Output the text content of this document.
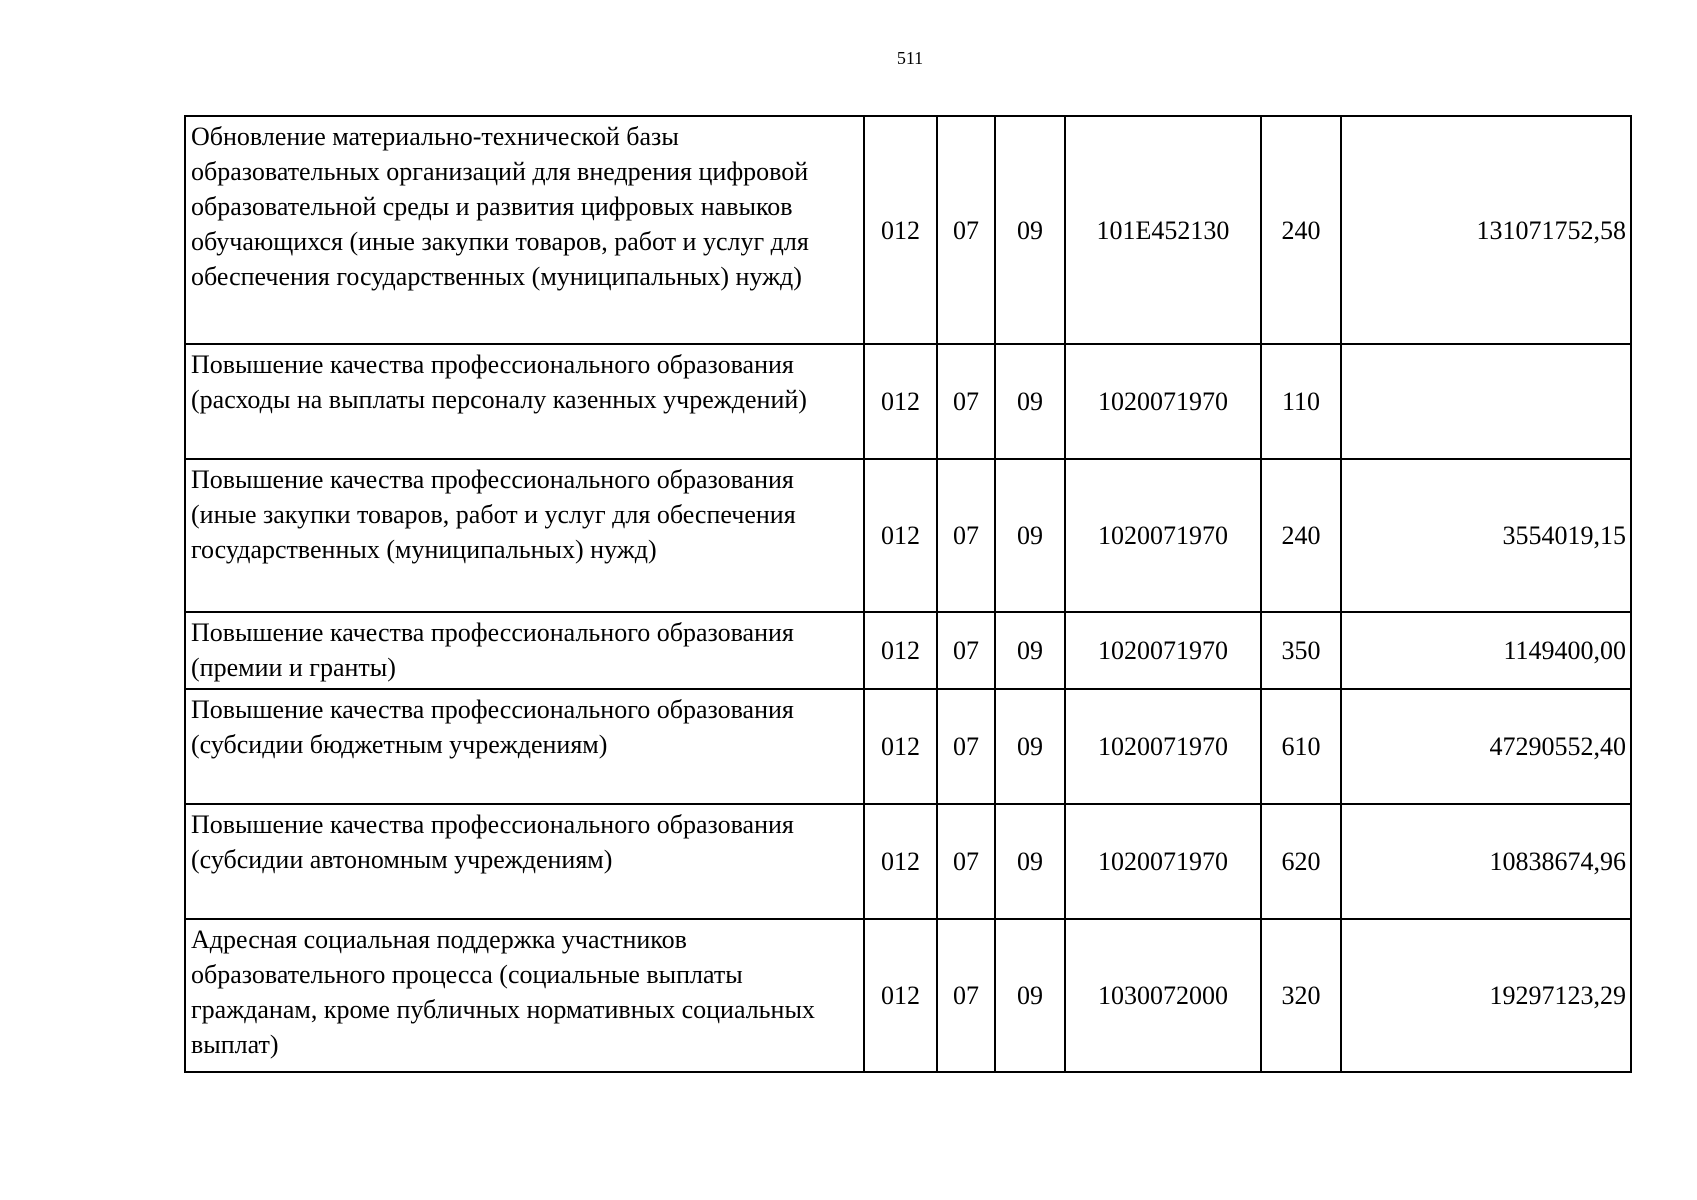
511
Обновление материально-технической базы образовательных организаций для внедрения цифровой образовательной среды и развития цифровых навыков обучающихся (иные закупки товаров, работ и услуг для обеспечения государственных (муниципальных) нужд)	012	07	09	101Е452130	240	131071752,58
Повышение качества профессионального образования (расходы на выплаты персоналу казенных учреждений)	012	07	09	1020071970	110	
Повышение качества профессионального образования (иные закупки товаров, работ и услуг для обеспечения государственных (муниципальных) нужд)	012	07	09	1020071970	240	3554019,15
Повышение качества профессионального образования (премии и гранты)	012	07	09	1020071970	350	1149400,00
Повышение качества профессионального образования (субсидии бюджетным учреждениям)	012	07	09	1020071970	610	47290552,40
Повышение качества профессионального образования (субсидии автономным учреждениям)	012	07	09	1020071970	620	10838674,96
Адресная социальная поддержка участников образовательного процесса (социальные выплаты гражданам, кроме публичных нормативных социальных выплат)	012	07	09	1030072000	320	19297123,29
